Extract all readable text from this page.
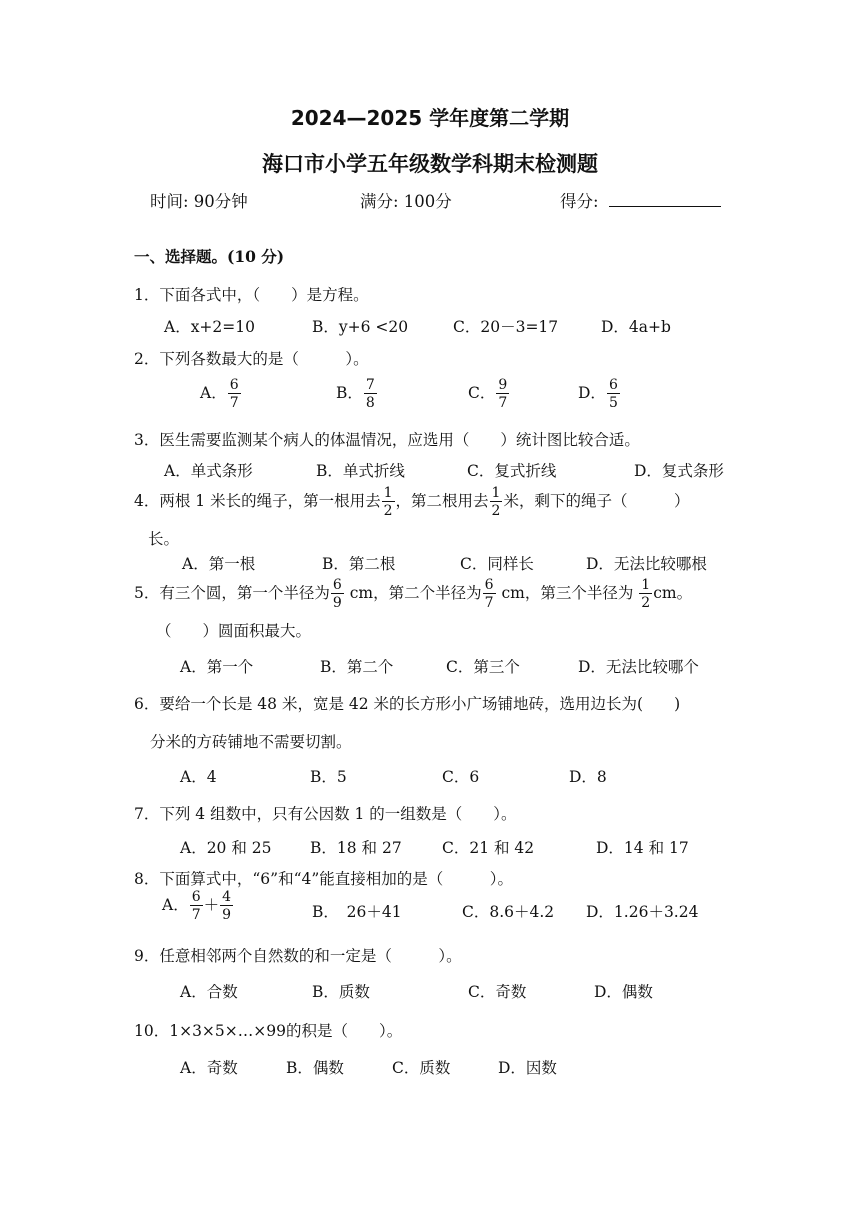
2024—2025 学年度第二学期
海口市小学五年级数学科期末检测题
时间: 90分钟	满分: 100分	得分:
一、选择题。(10 分)
1．下面各式中，（　　）是方程。
A．x+2=10	B．y+6 <20	C．20－3=17	D．4a+b
2．下列各数最大的是（　　　）。
A． $\frac{6}{7}$	B． $\frac{7}{8}$	C． $\frac{9}{7}$	D． $\frac{6}{5}$
3．医生需要监测某个病人的体温情况，应选用（　　）统计图比较合适。
A．单式条形	B．单式折线	C．复式折线	D．复式条形
4．两根 1 米长的绳子，第一根用去 $\frac{1}{2}$ ，第二根用去 $\frac{1}{2}$ 米，剩下的绳子（　　　）
长。
A．第一根	B．第二根	C．同样长	D．无法比较哪根
5．有三个圆，第一个半径为 $\frac{6}{9}$ cm，第二个半径为 $\frac{6}{7}$ cm，第三个半径为 $\frac{1}{2}$ cm。
（　　）圆面积最大。
A．第一个	B．第二个	C．第三个	D．无法比较哪个
6．要给一个长是 48 米，宽是 42 米的长方形小广场铺地砖，选用边长为(　　)
分米的方砖铺地不需要切割。
A．4	B．5	C．6	D．8
7．下列 4 组数中，只有公因数 1 的一组数是（　　）。
A．20 和 25 B．18 和 27	C．21 和 42	D．14 和 17
8．下面算式中，“6”和“4”能直接相加的是（　　　）。
A． $\frac{6}{7} + \frac{4}{9}$	B．　26＋41	C．8.6＋4.2 D．1.26＋3.24
9．任意相邻两个自然数的和一定是（　　　）。
A．合数	B．质数	C．奇数	D．偶数
10．1×3×5×…×99的积是（　　）。
A．奇数	B．偶数	C．质数	D．因数
